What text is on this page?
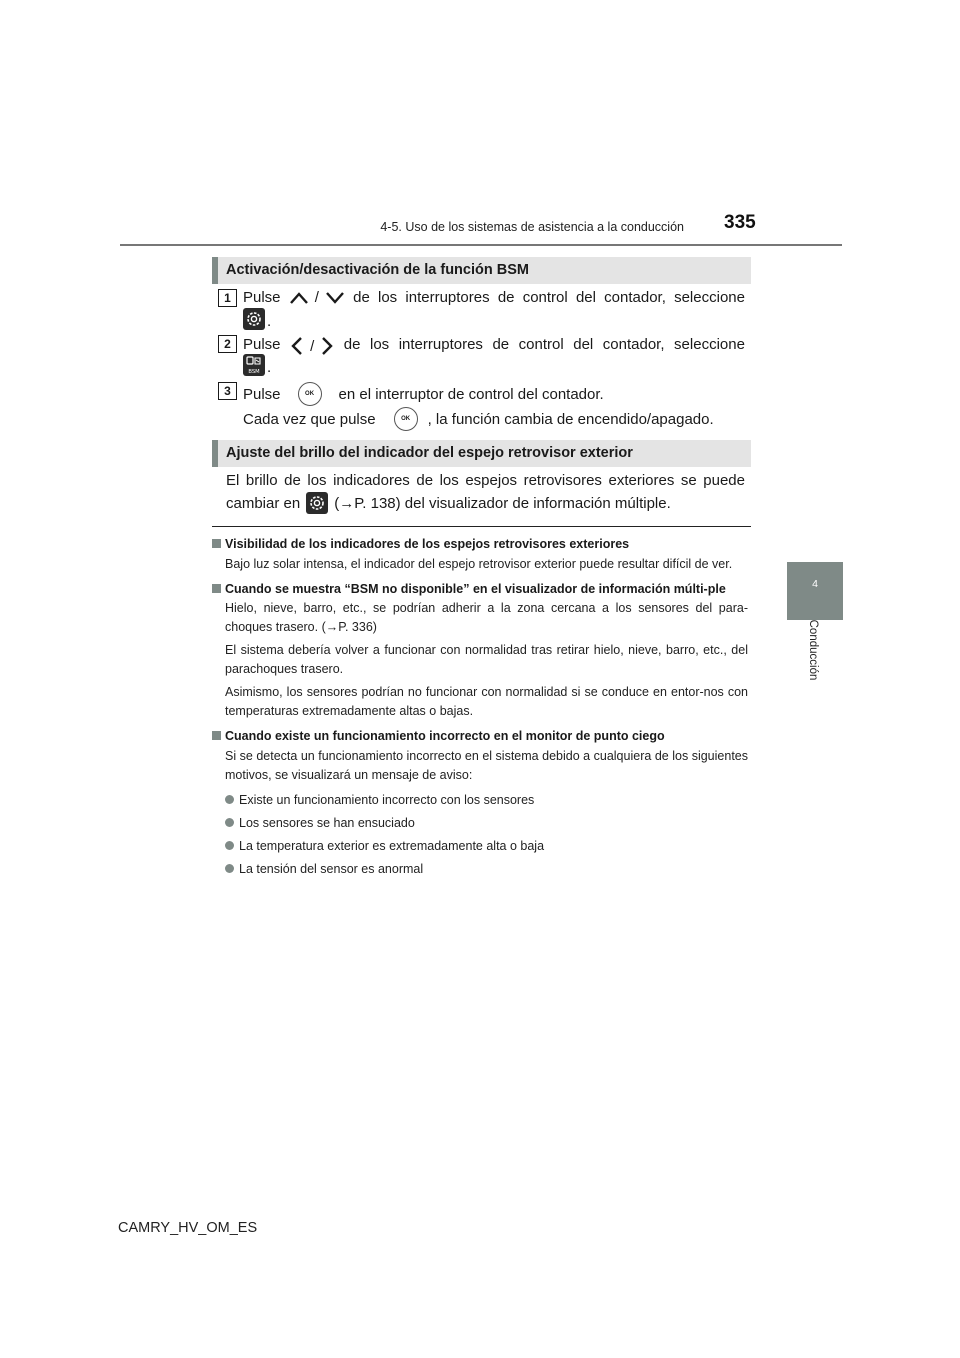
4-5. Uso de los sistemas de asistencia a la conducción 335
4
Conducción
Activación/desactivación de la función BSM
1 Pulse / de los interruptores de control del contador, seleccione
.
2 Pulse / de los interruptores de control del contador, seleccione
BSM .
3 Pulse	OK	en el interruptor de control del contador.
Cada vez que pulse	OK	, la función cambia de encendido/apagado.
Ajuste del brillo del indicador del espejo retrovisor exterior
El brillo de los indicadores de los espejos retrovisores exteriores se puede
cambiar en (→P. 138) del visualizador de información múltiple.
Visibilidad de los indicadores de los espejos retrovisores exteriores
Bajo luz solar intensa, el indicador del espejo retrovisor exterior puede resultar difícil de ver.
Cuando se muestra “BSM no disponible” en el visualizador de información múlti-ple
Hielo, nieve, barro, etc., se podrían adherir a la zona cercana a los sensores del para-choques trasero. (→P. 336)
El sistema debería volver a funcionar con normalidad tras retirar hielo, nieve, barro, etc., del parachoques trasero.
Asimismo, los sensores podrían no funcionar con normalidad si se conduce en entor-nos con temperaturas extremadamente altas o bajas.
Cuando existe un funcionamiento incorrecto en el monitor de punto ciego
Si se detecta un funcionamiento incorrecto en el sistema debido a cualquiera de los siguientes motivos, se visualizará un mensaje de aviso:
Existe un funcionamiento incorrecto con los sensores
Los sensores se han ensuciado
La temperatura exterior es extremadamente alta o baja
La tensión del sensor es anormal
CAMRY_HV_OM_ES
